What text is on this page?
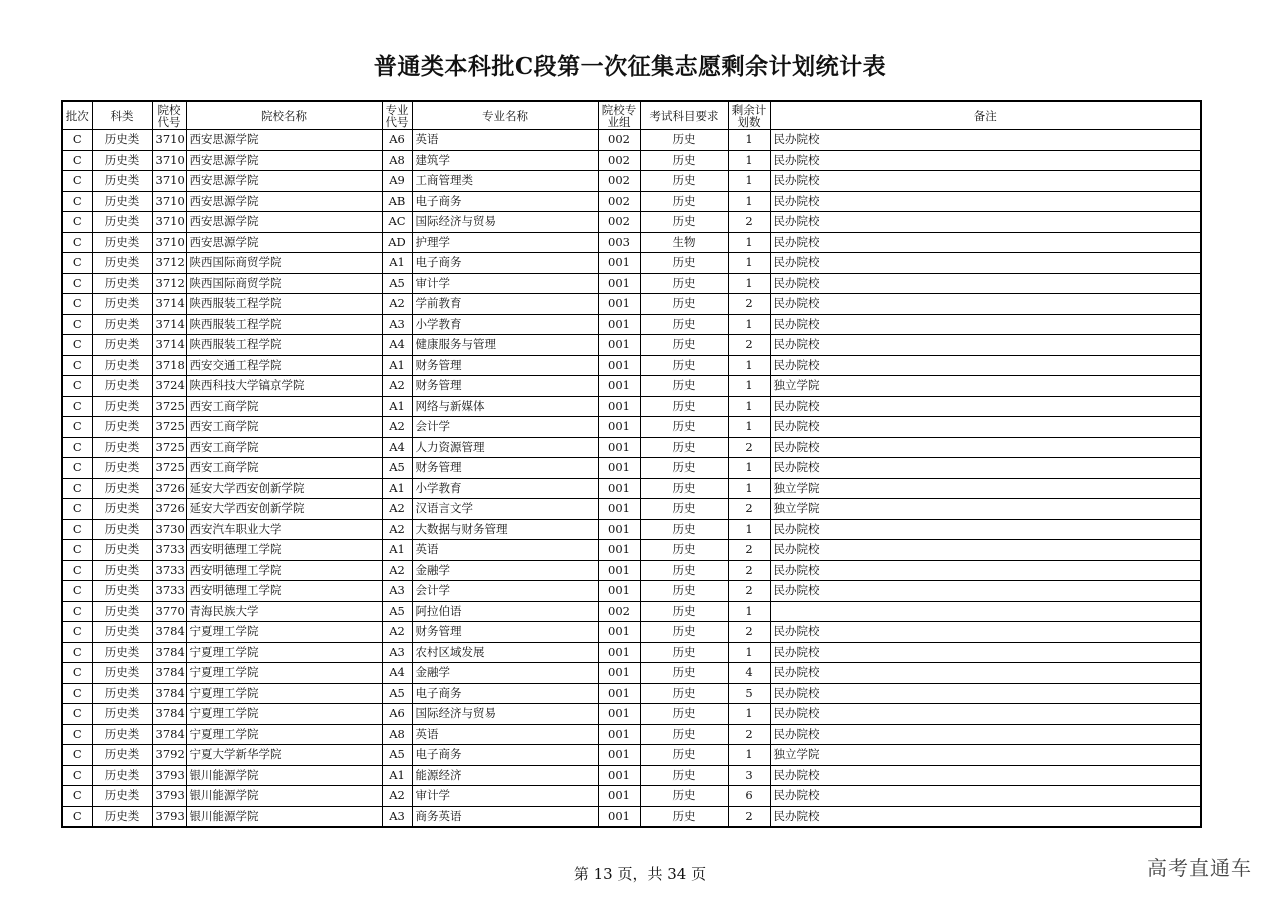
普通类本科批C段第一次征集志愿剩余计划统计表
批次	科类	院校代号	院校名称	专业代号	专业名称	院校专业组	考试科目要求	剩余计划数	备注
C	历史类	3710	西安思源学院	A6	英语	002	历史	1	民办院校
C	历史类	3710	西安思源学院	A8	建筑学	002	历史	1	民办院校
C	历史类	3710	西安思源学院	A9	工商管理类	002	历史	1	民办院校
C	历史类	3710	西安思源学院	AB	电子商务	002	历史	1	民办院校
C	历史类	3710	西安思源学院	AC	国际经济与贸易	002	历史	2	民办院校
C	历史类	3710	西安思源学院	AD	护理学	003	生物	1	民办院校
C	历史类	3712	陕西国际商贸学院	A1	电子商务	001	历史	1	民办院校
C	历史类	3712	陕西国际商贸学院	A5	审计学	001	历史	1	民办院校
C	历史类	3714	陕西服装工程学院	A2	学前教育	001	历史	2	民办院校
C	历史类	3714	陕西服装工程学院	A3	小学教育	001	历史	1	民办院校
C	历史类	3714	陕西服装工程学院	A4	健康服务与管理	001	历史	2	民办院校
C	历史类	3718	西安交通工程学院	A1	财务管理	001	历史	1	民办院校
C	历史类	3724	陕西科技大学镐京学院	A2	财务管理	001	历史	1	独立学院
C	历史类	3725	西安工商学院	A1	网络与新媒体	001	历史	1	民办院校
C	历史类	3725	西安工商学院	A2	会计学	001	历史	1	民办院校
C	历史类	3725	西安工商学院	A4	人力资源管理	001	历史	2	民办院校
C	历史类	3725	西安工商学院	A5	财务管理	001	历史	1	民办院校
C	历史类	3726	延安大学西安创新学院	A1	小学教育	001	历史	1	独立学院
C	历史类	3726	延安大学西安创新学院	A2	汉语言文学	001	历史	2	独立学院
C	历史类	3730	西安汽车职业大学	A2	大数据与财务管理	001	历史	1	民办院校
C	历史类	3733	西安明德理工学院	A1	英语	001	历史	2	民办院校
C	历史类	3733	西安明德理工学院	A2	金融学	001	历史	2	民办院校
C	历史类	3733	西安明德理工学院	A3	会计学	001	历史	2	民办院校
C	历史类	3770	青海民族大学	A5	阿拉伯语	002	历史	1	
C	历史类	3784	宁夏理工学院	A2	财务管理	001	历史	2	民办院校
C	历史类	3784	宁夏理工学院	A3	农村区域发展	001	历史	1	民办院校
C	历史类	3784	宁夏理工学院	A4	金融学	001	历史	4	民办院校
C	历史类	3784	宁夏理工学院	A5	电子商务	001	历史	5	民办院校
C	历史类	3784	宁夏理工学院	A6	国际经济与贸易	001	历史	1	民办院校
C	历史类	3784	宁夏理工学院	A8	英语	001	历史	2	民办院校
C	历史类	3792	宁夏大学新华学院	A5	电子商务	001	历史	1	独立学院
C	历史类	3793	银川能源学院	A1	能源经济	001	历史	3	民办院校
C	历史类	3793	银川能源学院	A2	审计学	001	历史	6	民办院校
C	历史类	3793	银川能源学院	A3	商务英语	001	历史	2	民办院校
第 13 页，共 34 页	高考直通车
